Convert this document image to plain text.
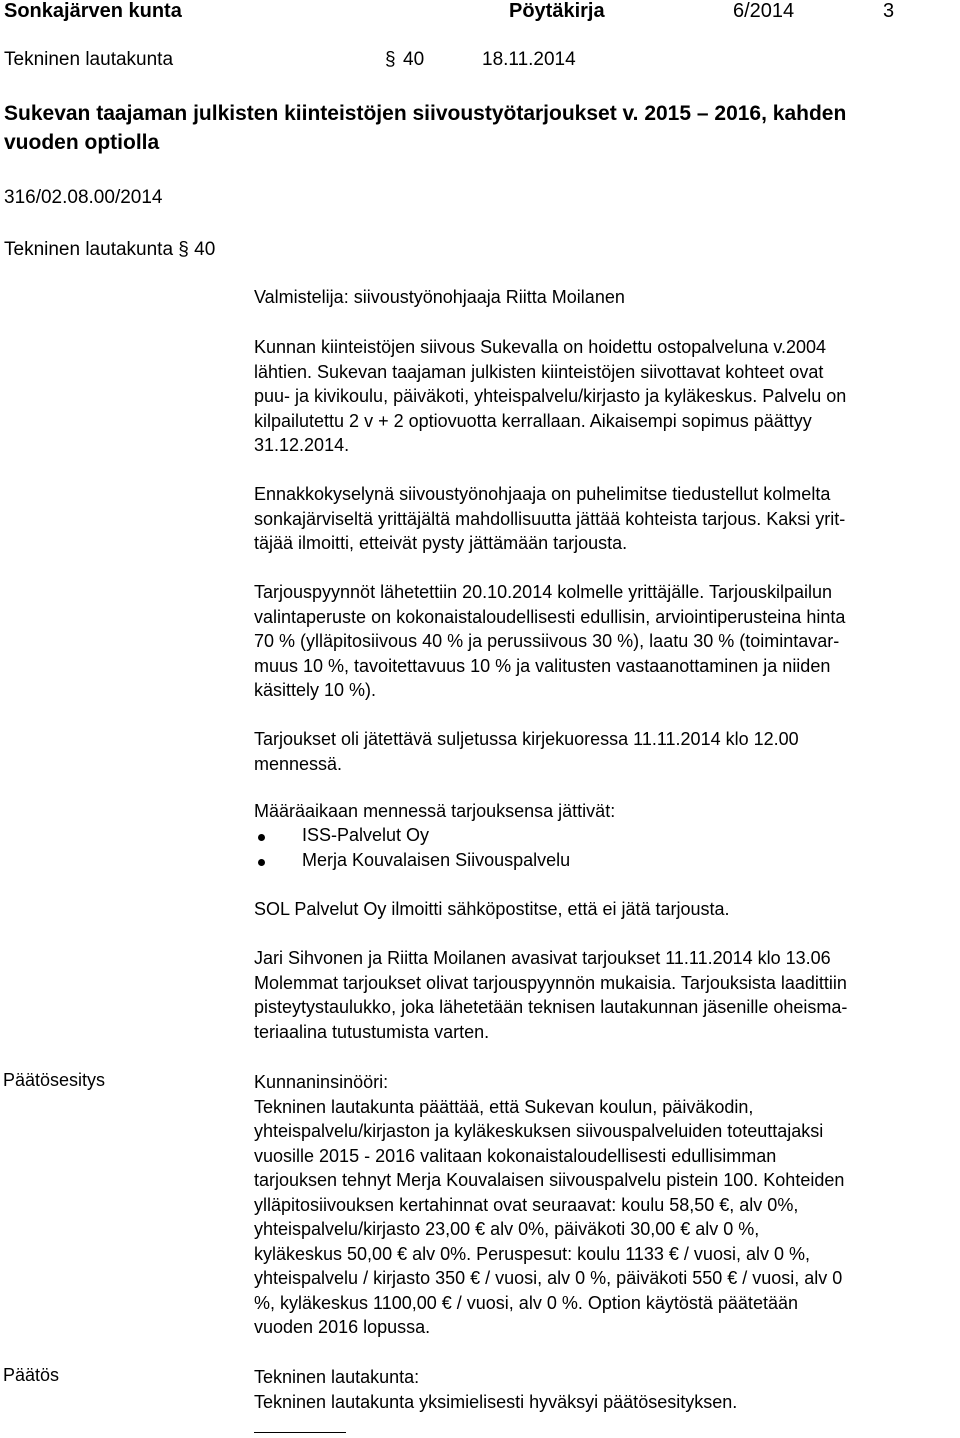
Sonkajärven kunta	Pöytäkirja	6/2014	3
Tekninen lautakunta	§ 40	18.11.2014
Sukevan taajaman julkisten kiinteistöjen siivoustyötarjoukset v. 2015 – 2016, kahden
vuoden optiolla
316/02.08.00/2014
Tekninen lautakunta § 40
Valmistelija: siivoustyönohjaaja Riitta Moilanen
Kunnan kiinteistöjen siivous Sukevalla on hoidettu ostopalveluna v.2004
lähtien. Sukevan taajaman julkisten kiinteistöjen siivottavat kohteet ovat
puu- ja kivikoulu, päiväkoti, yhteispalvelu/kirjasto ja kyläkeskus. Palvelu on
kilpailutettu 2 v + 2 optiovuotta kerrallaan. Aikaisempi sopimus päättyy
31.12.2014.
Ennakkokyselynä siivoustyönohjaaja on puhelimitse tiedustellut kolmelta
sonkajärviseltä yrittäjältä mahdollisuutta jättää kohteista tarjous. Kaksi yrit-
täjää ilmoitti, etteivät pysty jättämään tarjousta.
Tarjouspyynnöt lähetettiin 20.10.2014 kolmelle yrittäjälle. Tarjouskilpailun
valintaperuste on kokonaistaloudellisesti edullisin, arviointiperusteina hinta
70 % (ylläpitosiivous 40 % ja perussiivous 30 %), laatu 30 % (toimintavar-
muus 10 %, tavoitettavuus 10 % ja valitusten vastaanottaminen ja niiden
käsittely 10 %).
Tarjoukset oli jätettävä suljetussa kirjekuoressa 11.11.2014 klo 12.00
mennessä.
Määräaikaan mennessä tarjouksensa jättivät:
ISS-Palvelut Oy
Merja Kouvalaisen Siivouspalvelu
SOL Palvelut Oy ilmoitti sähköpostitse, että ei jätä tarjousta.
Jari Sihvonen ja Riitta Moilanen avasivat tarjoukset 11.11.2014 klo 13.06
Molemmat tarjoukset olivat tarjouspyynnön mukaisia. Tarjouksista laadittiin
pisteytystaulukko, joka lähetetään teknisen lautakunnan jäsenille oheisma-
teriaalina tutustumista varten.
Päätösesitys	Kunnaninsinööri:
Tekninen lautakunta päättää, että Sukevan koulun, päiväkodin,
yhteispalvelu/kirjaston ja kyläkeskuksen siivouspalveluiden toteuttajaksi
vuosille 2015 - 2016 valitaan kokonaistaloudellisesti edullisimman
tarjouksen tehnyt Merja Kouvalaisen siivouspalvelu pistein 100. Kohteiden
ylläpitosiivouksen kertahinnat ovat seuraavat: koulu 58,50 €, alv 0%,
yhteispalvelu/kirjasto 23,00 € alv 0%, päiväkoti 30,00 € alv 0 %,
kyläkeskus 50,00 € alv 0%. Peruspesut: koulu 1133 € / vuosi, alv 0 %,
yhteispalvelu / kirjasto 350 € / vuosi, alv 0 %, päiväkoti 550 € / vuosi, alv 0
%, kyläkeskus 1100,00 € / vuosi, alv 0 %. Option käytöstä päätetään
vuoden 2016 lopussa.
Päätös	Tekninen lautakunta:
Tekninen lautakunta yksimielisesti hyväksyi päätösesityksen.
